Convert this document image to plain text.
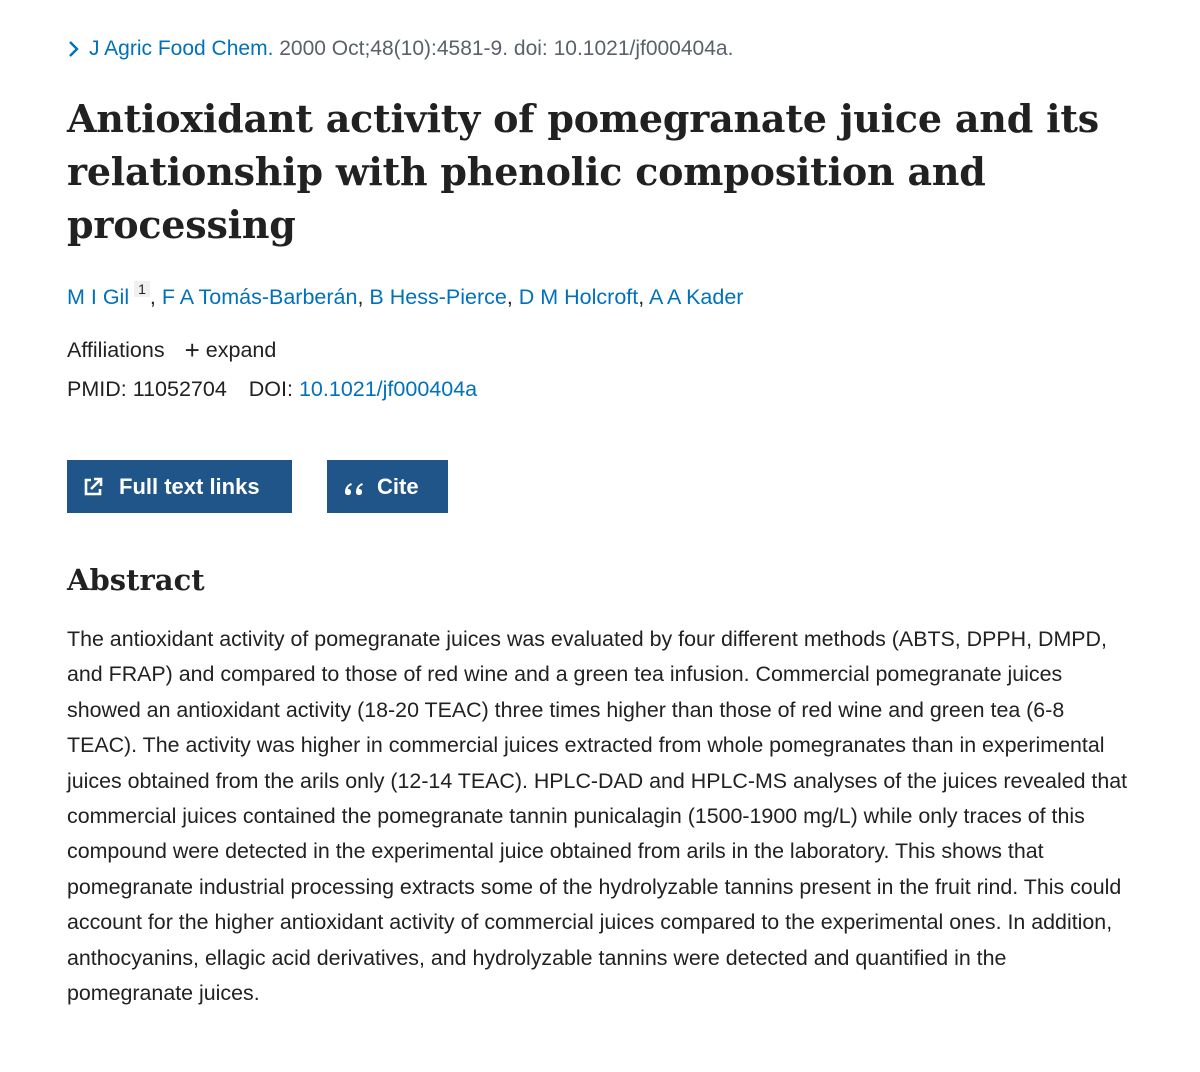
J Agric Food Chem. 2000 Oct;48(10):4581-9. doi: 10.1021/jf000404a.
Antioxidant activity of pomegranate juice and its relationship with phenolic composition and processing
M I Gil $^1$ , F A Tomás-Barberán, B Hess-Pierce, D M Holcroft, A A Kader
Affiliations + expand
PMID: 11052704 DOI: 10.1021/jf000404a
Full text links	Cite
Abstract

The antioxidant activity of pomegranate juices was evaluated by four different methods (ABTS, DPPH, DMPD, and FRAP) and compared to those of red wine and a green tea infusion. Commercial pomegranate juices showed an antioxidant activity (18-20 TEAC) three times higher than those of red wine and green tea (6-8 TEAC). The activity was higher in commercial juices extracted from whole pomegranates than in experimental juices obtained from the arils only (12-14 TEAC). HPLC-DAD and HPLC-MS analyses of the juices revealed that commercial juices contained the pomegranate tannin punicalagin (1500-1900 mg/L) while only traces of this compound were detected in the experimental juice obtained from arils in the laboratory. This shows that pomegranate industrial processing extracts some of the hydrolyzable tannins present in the fruit rind. This could account for the higher antioxidant activity of commercial juices compared to the experimental ones. In addition, anthocyanins, ellagic acid derivatives, and hydrolyzable tannins were detected and quantified in the pomegranate juices.
